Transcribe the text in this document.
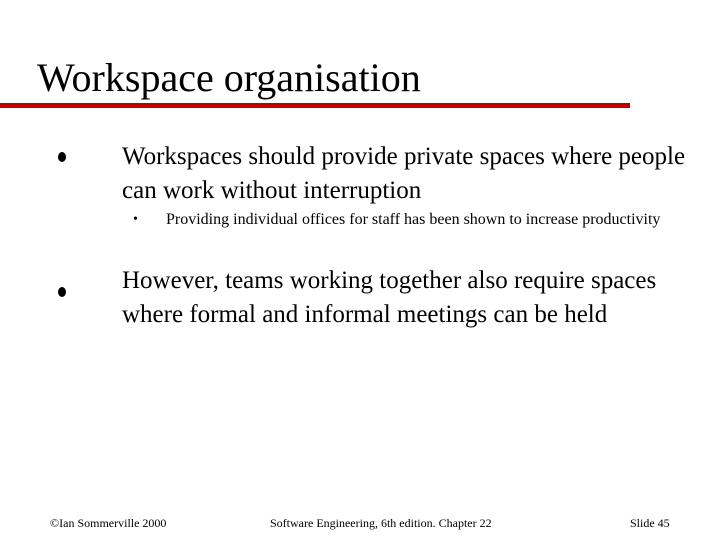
Workspace organisation
Workspaces should provide private spaces where people can work without interruption
• Providing individual offices for staff has been shown to increase productivity
However, teams working together also require spaces where formal and informal meetings can be held
©Ian Sommerville 2000	Software Engineering, 6th edition. Chapter 22	Slide 45
